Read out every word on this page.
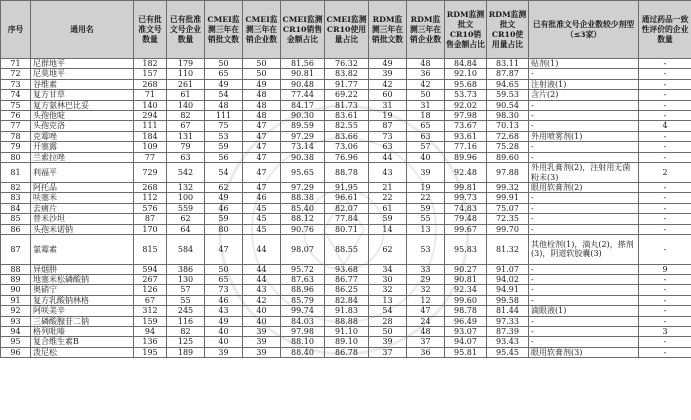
序号	通用名	已有批准文号数量	已有批准文号企业数量	CMEI监测三年在销批文数	CMEI监测三年在销企业数	CMEI监测CR10销售金额占比	CMEI监测CR10使用量占比	RDM监测三年在销批文数	RDM监测三年在销企业数	RDM监测批文CR10销售金额占比	RDM监测批文CR10使用量占比	已有批准文号企业数较少剂型（≤3家）	通过药品一致性评价的企业数量
71	尼群地平	182	179	50	50	81.56	76.32	49	48	84.84	83.11	贴剂(1)	-
72	尼莫地平	157	110	65	50	90.81	83.82	39	36	92.10	87.87	-	-
73	谷维素	268	261	49	49	90.48	91.77	42	42	95.68	94.65	注射液(1)	-
74	复方甘草	71	61	54	48	77.44	69.22	60	50	53.73	59.53	含片(2)	-
75	复方氨林巴比妥	140	140	48	48	84.17	81.73	31	31	92.02	90.54	-	-
76	头孢他啶	294	82	111	48	90.30	83.61	19	18	97.98	98.30	-	-
77	头孢克洛	111	67	75	47	89.59	82.55	87	65	73.67	70.13	-	4
78	克霉唑	184	131	53	47	97.29	83.66	73	63	93.61	72.68	外用喷雾剂(1)	-
79	开塞露	109	79	59	47	73.14	73.06	63	57	77.16	75.28	-	-
80	兰索拉唑	77	63	56	47	90.38	76.96	44	40	89.96	89.60	-	-
81	利福平	729	542	54	47	95.65	88.78	43	39	92.48	97.88	外用乳膏剂(2)，注射用无菌粉末(3)	2
82	阿托品	268	132	62	47	97.29	91.95	21	19	99.81	99.32	眼用软膏剂(2)	-
83	呋塞米	112	100	49	46	88.38	96.61	22	22	99.73	99.91	-	-
84	去痛片	576	559	46	45	85.40	82.07	61	59	74.83	75.07	-	-
85	替米沙坦	87	62	59	45	88.12	77.84	59	55	79.48	72.35	-	-
86	头孢米诺钠	170	64	80	45	90.76	80.71	14	13	99.67	99.70	-	-
87	氯霉素	815	584	47	44	98.07	88.55	62	53	95.83	81.32	其他栓剂(1)，滴丸(2)，搽剂(3)，阴道软胶囊(3)	-
88	异烟肼	594	386	50	44	95.72	93.68	34	33	90.27	91.07	-	9
89	地塞米松磷酸钠	267	130	65	44	87.63	86.77	30	29	90.81	94.02	-	-
90	奥硝宁	126	57	73	43	88.96	86.25	32	32	92.34	94.91	-	-
91	复方乳酸钠林格	67	55	46	42	85.79	82.84	13	12	99.60	99.58	-	-
92	阿咲美辛	312	245	43	40	99.74	91.83	54	47	98.78	81.44	滴眼液(1)	-
93	三磷酸腺苷二钠	159	116	49	40	84.03	88.88	28	24	96.49	97.33	-	-
94	格列吡嗪	94	82	40	39	97.98	91.10	50	48	93.07	87.39	-	3
95	复合维生素B	136	125	40	39	88.10	89.10	39	37	94.07	93.43	-	-
96	泼尼松	195	189	39	39	88.40	86.78	37	36	95.81	95.45	眼用软膏剂(3)	-
